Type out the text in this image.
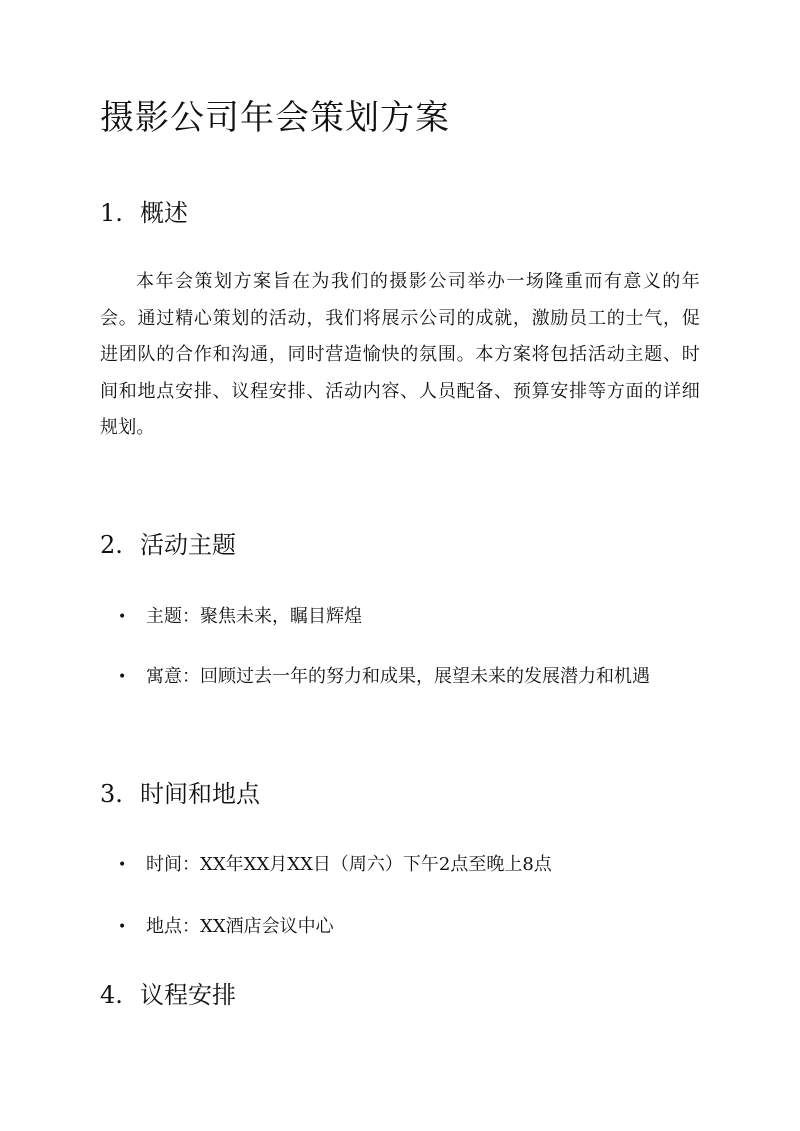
摄影公司年会策划方案
1. 概述

本年会策划方案旨在为我们的摄影公司举办一场隆重而有意义的年会。通过精心策划的活动，我们将展示公司的成就，激励员工的士气，促进团队的合作和沟通，同时营造愉快的氛围。本方案将包括活动主题、时间和地点安排、议程安排、活动内容、人员配备、预算安排等方面的详细规划。

2. 活动主题
•	主题：聚焦未来，瞩目辉煌
•	寓意：回顾过去一年的努力和成果，展望未来的发展潜力和机遇
3. 时间和地点
•	时间：XX年XX月XX日（周六）下午2点至晚上8点
•	地点：XX酒店会议中心
4. 议程安排
